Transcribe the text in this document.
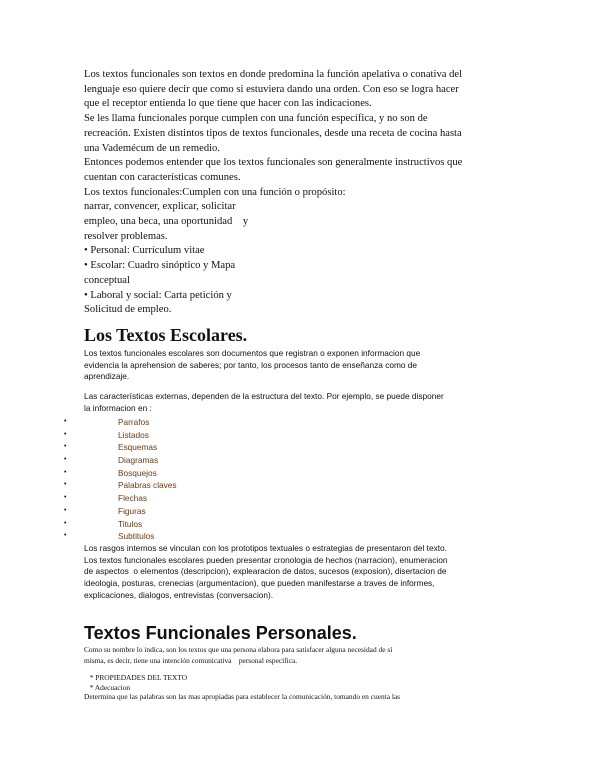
Los textos funcionales son textos en donde predomina la función apelativa o conativa del
lenguaje eso quiere decir que como si estuviera dando una orden. Con eso se logra hacer
que el receptor entienda lo que tiene que hacer con las indicaciones.
Se les llama funcionales porque cumplen con una función específica, y no son de
recreación. Existen distintos tipos de textos funcionales, desde una receta de cocina hasta
una Vademécum de un remedio.
Entonces podemos entender que los textos funcionales son generalmente instructivos que
cuentan con características comunes.
Los textos funcionales:Cumplen con una función o propósito:
narrar, convencer, explicar, solicitar
empleo, una beca, una oportunidad    y
resolver problemas.
• Personal: Currículum vitae
• Escolar: Cuadro sinóptico y Mapa
conceptual
• Laboral y social: Carta petición y
Solicitud de empleo.
Los Textos Escolares.
Los textos funcionales escolares son documentos que registran o exponen informacion que
evidencia la aprehension de saberes; por tanto, los procesos tanto de enseñanza como de
aprendizaje.
Las características externas, dependen de la estructura del texto. Por ejemplo, se puede disponer
la informacion en :
•	Parrafos
•	Listados
•	Esquemas
•	Diagramas
•	Bosquejos
•	Palabras claves
•	Flechas
•	Figuras
•	Titulos
•	Subtitulos
Los rasgos internos se vinculan con los prototipos textuales o estrategias de presentaron del texto.
Los textos funcionales escolares pueden presentar cronologia de hechos (narracion), enumeracion
de aspectos  o elementos (descripcion), explearacion de datos, sucesos (exposion), disertacion de
ideologia, posturas, crenecias (argumentacion), que pueden manifestarse a traves de informes,
explicaciones, dialogos, entrevistas (conversacion).
Textos Funcionales Personales.
Como su nombre lo indica, son los textos que una persona elabora para satisfacer alguna necesidad de sí
misma, es decir, tiene una intención comunicativa    personal específica.
* PROPIEDADES DEL TEXTO
* Adecuacion
Determina que las palabras son las mas apropiadas para establecer la comunicación, tomando en cuenta las
